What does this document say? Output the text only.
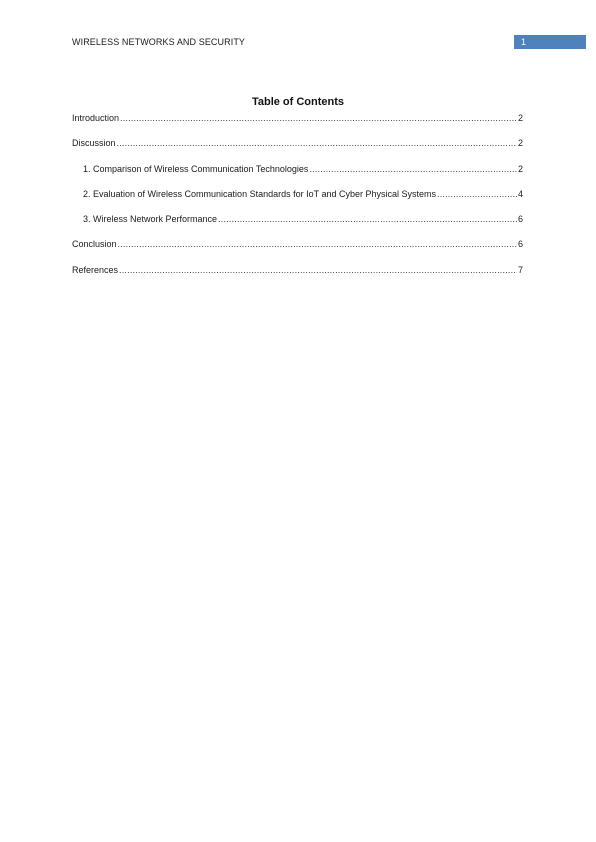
WIRELESS NETWORKS AND SECURITY	1
Table of Contents
Introduction .....	2
Discussion .....	2
1. Comparison of Wireless Communication Technologies .....	2
2. Evaluation of Wireless Communication Standards for IoT and Cyber Physical Systems .....	4
3. Wireless Network Performance .....	6
Conclusion .....	6
References .....	7
